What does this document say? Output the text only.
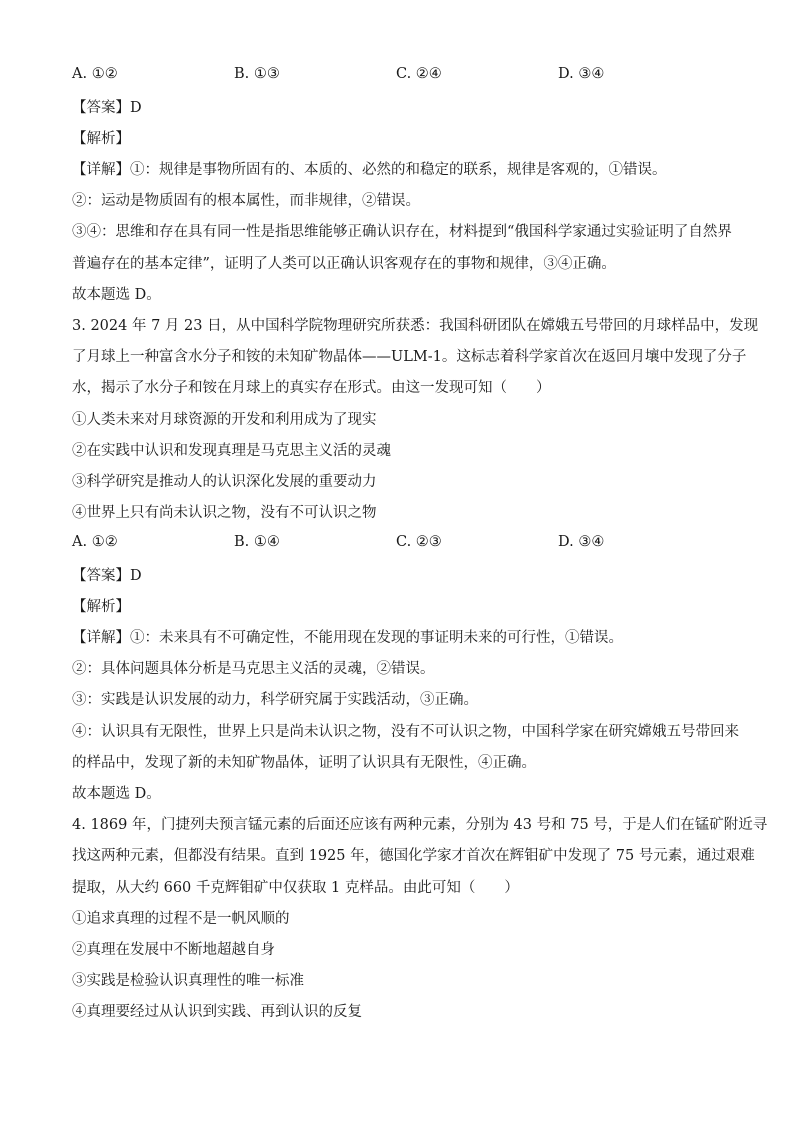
A. ①②	B. ①③	C. ②④	D. ③④
【答案】D
【解析】
【详解】①：规律是事物所固有的、本质的、必然的和稳定的联系，规律是客观的，①错误。
②：运动是物质固有的根本属性，而非规律，②错误。
③④：思维和存在具有同一性是指思维能够正确认识存在，材料提到“俄国科学家通过实验证明了自然界
普遍存在的基本定律”，证明了人类可以正确认识客观存在的事物和规律，③④正确。
故本题选 D。
3. 2024 年 7 月 23 日，从中国科学院物理研究所获悉：我国科研团队在嫦娥五号带回的月球样品中，发现
了月球上一种富含水分子和铵的未知矿物晶体——ULM-1。这标志着科学家首次在返回月壤中发现了分子
水，揭示了水分子和铵在月球上的真实存在形式。由这一发现可知（　　）
①人类未来对月球资源的开发和利用成为了现实
②在实践中认识和发现真理是马克思主义活的灵魂
③科学研究是推动人的认识深化发展的重要动力
④世界上只有尚未认识之物，没有不可认识之物
A. ①②	B. ①④	C. ②③	D. ③④
【答案】D
【解析】
【详解】①：未来具有不可确定性，不能用现在发现的事证明未来的可行性，①错误。
②：具体问题具体分析是马克思主义活的灵魂，②错误。
③：实践是认识发展的动力，科学研究属于实践活动，③正确。
④：认识具有无限性，世界上只是尚未认识之物，没有不可认识之物，中国科学家在研究嫦娥五号带回来
的样品中，发现了新的未知矿物晶体，证明了认识具有无限性，④正确。
故本题选 D。
4. 1869 年，门捷列夫预言锰元素的后面还应该有两种元素，分别为 43 号和 75 号，于是人们在锰矿附近寻
找这两种元素，但都没有结果。直到 1925 年，德国化学家才首次在辉钼矿中发现了 75 号元素，通过艰难
提取，从大约 660 千克辉钼矿中仅获取 1 克样品。由此可知（　　）
①追求真理的过程不是一帆风顺的
②真理在发展中不断地超越自身
③实践是检验认识真理性的唯一标准
④真理要经过从认识到实践、再到认识的反复
